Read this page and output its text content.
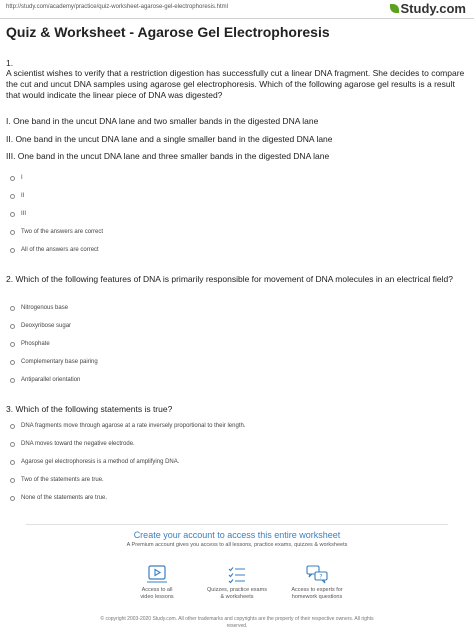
http://study.com/academy/practice/quiz-worksheet-agarose-gel-electrophoresis.html	Study.com
Quiz & Worksheet - Agarose Gel Electrophoresis
1.

A scientist wishes to verify that a restriction digestion has successfully cut a linear DNA fragment. She decides to compare the cut and uncut DNA samples using agarose gel electrophoresis. Which of the following agarose gel results is a result that would indicate the linear piece of DNA was digested?

I. One band in the uncut DNA lane and two smaller bands in the digested DNA lane
II. One band in the uncut DNA lane and a single smaller band in the digested DNA lane
III. One band in the uncut DNA lane and three smaller bands in the digested DNA lane
I
II
III
Two of the answers are correct
All of the answers are correct

2. Which of the following features of DNA is primarily responsible for movement of DNA molecules in an electrical field?

Nitrogenous base
Deoxyribose sugar
Phosphate
Complementary base pairing
Antiparallel orientation

3. Which of the following statements is true?

DNA fragments move through agarose at a rate inversely proportional to their length.
DNA moves toward the negative electrode.
Agarose gel electrophoresis is a method of amplifying DNA.
Two of the statements are true.
None of the statements are true.
Create your account to access this entire worksheet
A Premium account gives you access to all lessons, practice exams, quizzes & worksheets
Access to all
video lessons
Quizzes, practice exams
& worksheets
?
Access to experts for
homework questions
© copyright 2003-2020 Study.com. All other trademarks and copyrights are the property of their respective owners. All rights
reserved.
